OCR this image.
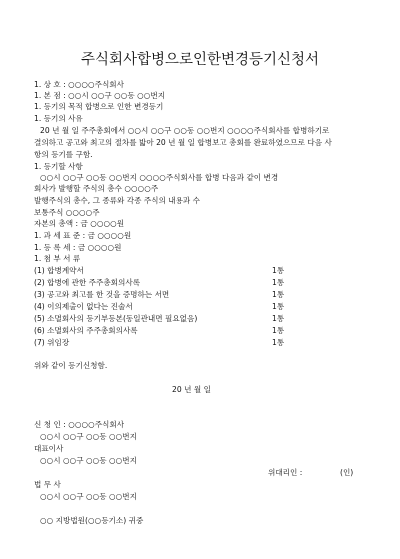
주식회사합병으로인한변경등기신청서
1. 상 호 : ○○○○주식회사
1. 본 점 : ○○시 ○○구 ○○동 ○○번지
1. 등기의 목적 합병으로 인한 변경등기
1. 등기의 사유
20 년 월 일 주주총회에서 ○○시 ○○구 ○○동 ○○번지 ○○○○주식회사를 합병하기로
결의하고 공고와 최고의 절차를 밟아 20 년 월 일 합병보고 총회를 완료하였으므로 다음 사
항의 등기를 구함.
1. 등기할 사항
○○시 ○○구 ○○동 ○○번지 ○○○○주식회사를 합병 다음과 같이 변경
회사가 발행할 주식의 총수 ○○○○주
발행주식의 총수, 그 종류와 각종 주식의 내용과 수
보통주식 ○○○○주
자본의 총액 : 금 ○○○○원
1. 과 세 표 준 : 금 ○○○○원
1. 등 록 세 : 금 ○○○○원
1. 첨 부 서 류
(1) 합병계약서	1통
(2) 합병에 관한 주주총회의사록	1통
(3) 공고와 최고를 한 것을 증명하는 서면	1통
(4) 이의제출이 없다는 진술서	1통
(5) 소멸회사의 등기부등본(동일관내면 필요없음)	1통
(6) 소멸회사의 주주총회의사록	1통
(7) 위임장	1통
위와 같이 등기신청함.
20 년 월 일
신 청 인 : ○○○○주식회사
○○시 ○○구 ○○동 ○○번지
대표이사
○○시 ○○구 ○○동 ○○번지
위대리인 :	(인)
법 무 사
○○시 ○○구 ○○동 ○○번지
○○ 지방법원(○○등기소) 귀중
